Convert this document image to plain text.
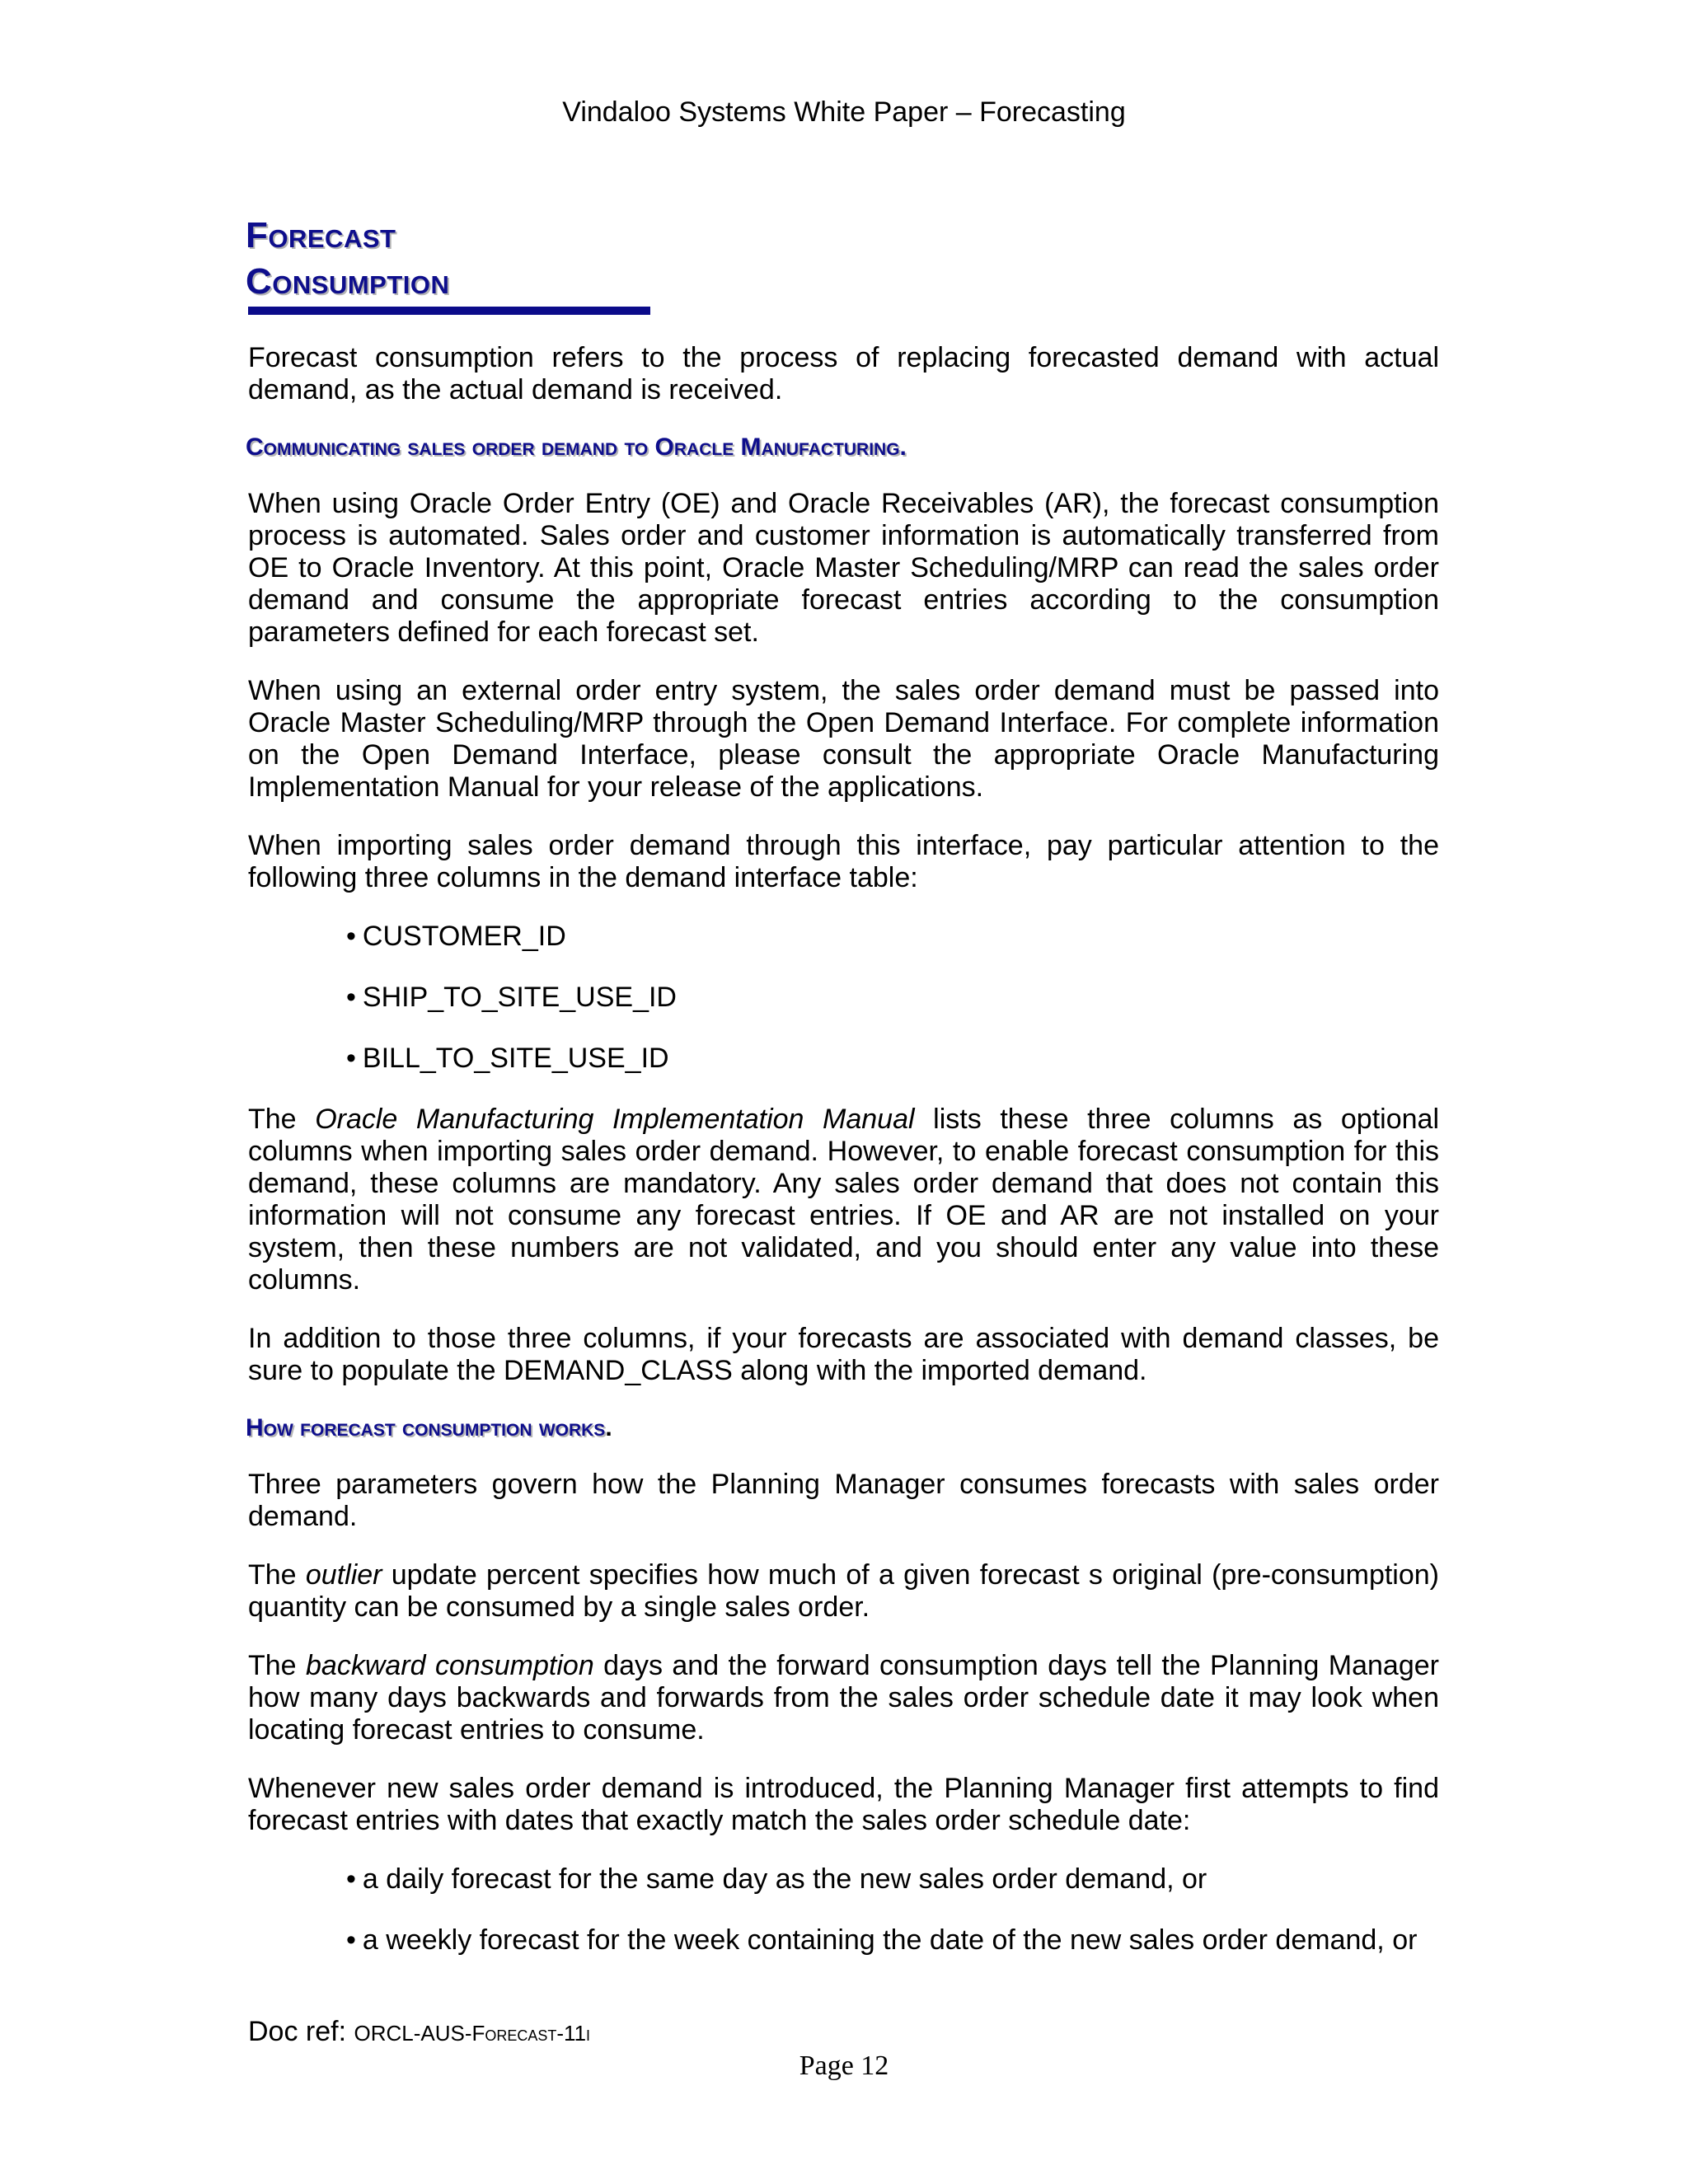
Vindaloo Systems White Paper – Forecasting
Forecast
Consumption

Forecast consumption refers to the process of replacing forecasted demand with actual demand, as the actual demand is received.

Communicating sales order demand to Oracle Manufacturing.

When using Oracle Order Entry (OE) and Oracle Receivables (AR), the forecast consumption process is automated. Sales order and customer information is automatically transferred from OE to Oracle Inventory. At this point, Oracle Master Scheduling/MRP can read the sales order demand and consume the appropriate forecast entries according to the consumption parameters defined for each forecast set.

When using an external order entry system, the sales order demand must be passed into Oracle Master Scheduling/MRP through the Open Demand Interface. For complete information on the Open Demand Interface, please consult the appropriate Oracle Manufacturing Implementation Manual for your release of the applications.

When importing sales order demand through this interface, pay particular attention to the following three columns in the demand interface table:

• CUSTOMER_ID
• SHIP_TO_SITE_USE_ID
• BILL_TO_SITE_USE_ID

The Oracle Manufacturing Implementation Manual lists these three columns as optional columns when importing sales order demand. However, to enable forecast consumption for this demand, these columns are mandatory. Any sales order demand that does not contain this information will not consume any forecast entries. If OE and AR are not installed on your system, then these numbers are not validated, and you should enter any value into these columns.

In addition to those three columns, if your forecasts are associated with demand classes, be sure to populate the DEMAND_CLASS along with the imported demand.

How forecast consumption works.

Three parameters govern how the Planning Manager consumes forecasts with sales order demand.

The outlier update percent specifies how much of a given forecast s original (pre-consumption) quantity can be consumed by a single sales order.

The backward consumption days and the forward consumption days tell the Planning Manager how many days backwards and forwards from the sales order schedule date it may look when locating forecast entries to consume.

Whenever new sales order demand is introduced, the Planning Manager first attempts to find forecast entries with dates that exactly match the sales order schedule date:

• a daily forecast for the same day as the new sales order demand, or
• a weekly forecast for the week containing the date of the new sales order demand, or
Doc ref: ORCL-AUS-Forecast-11i
Page 12
